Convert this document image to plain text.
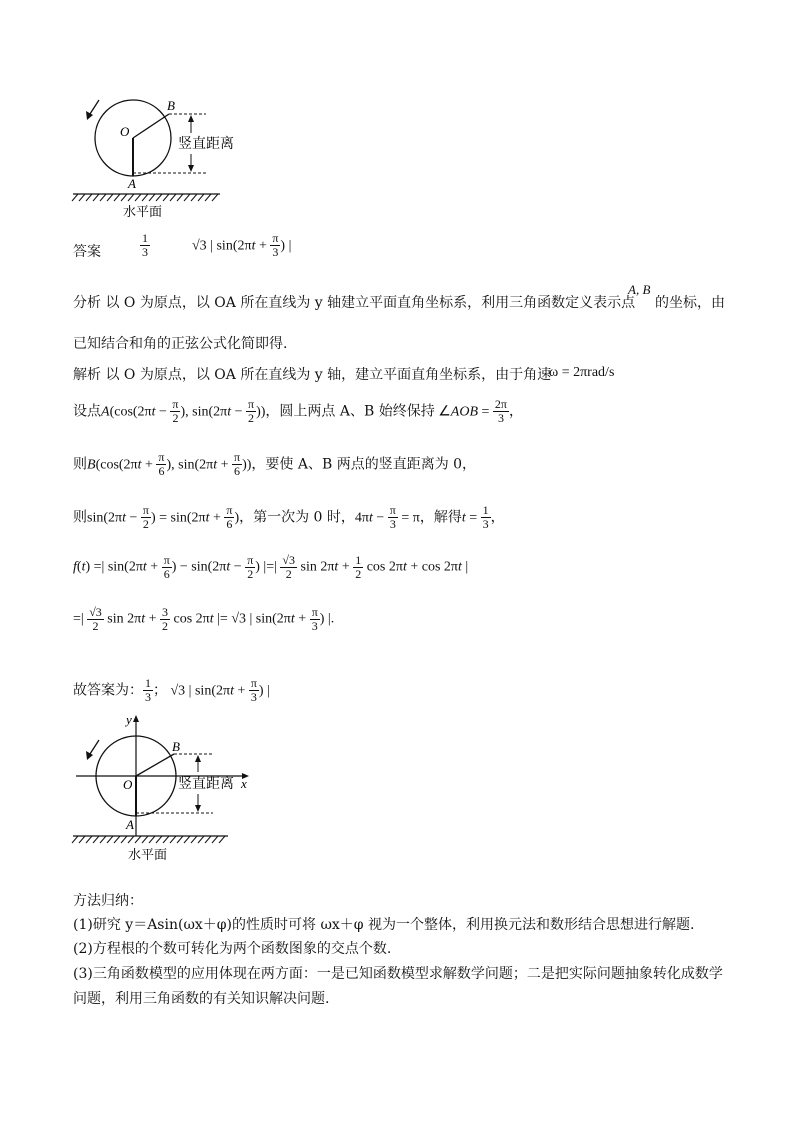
O
B
A
竖直距离
水平面
答案	$\frac{1}{3}$	√3 | $\sin(2\pi t + \frac{\pi}{3}$ ) |
分析 以 O 为原点，以 OA 所在直线为 y 轴建立平面直角坐标系，利用三角函数定义表示点
A, B
的坐标，由
已知结合和角的正弦公式化简即得.
解析 以 O 为原点，以 OA 所在直线为 y 轴，建立平面直角坐标系，由于角速
ω = 2πrad/s
设点$A(\cos(2\pi t - \frac{\pi}{2}$ ), $\sin(2\pi t - \frac{\pi}{2}$ ))，圆上两点 A、B 始终保持 ∠AOB = $\frac{2\pi}{3}$ ，
则$B(\cos(2\pi t + \frac{\pi}{6}$ ), $\sin(2\pi t + \frac{\pi}{6}$ ))，要使 A、B 两点的竖直距离为 0，
则$\sin(2\pi t - \frac{\pi}{2}$ ) = $\sin(2\pi t + \frac{\pi}{6}$ )，第一次为 0 时，$4\pi t - \frac{\pi}{3} = \pi$，解得$t = \frac{1}{3}$ ，
f(t) =| $\sin(2\pi t + \frac{\pi}{6}$ ) − $\sin(2\pi t - \frac{\pi}{2}$ ) |=| $\frac{√3}{2}$ $\sin 2\pi t + \frac{1}{2}$ cos 2πt + cos 2πt |
=| $\frac{√3}{2}$ $\sin 2\pi t + \frac{3}{2}$ cos 2πt |= √3 | $\sin(2\pi t + \frac{\pi}{3}$ ) |.
故答案为： $\frac{1}{3}$ ； √3 | $\sin(2\pi t + \frac{\pi}{3}$ ) |
y
x
O
B
A
竖直距离
水平面
方法归纳：
(1)研究 y＝Asin(ωx＋φ)的性质时可将 ωx＋φ 视为一个整体，利用换元法和数形结合思想进行解题.
(2)方程根的个数可转化为两个函数图象的交点个数.
(3)三角函数模型的应用体现在两方面：一是已知函数模型求解数学问题；二是把实际问题抽象转化成数学
问题，利用三角函数的有关知识解决问题.
